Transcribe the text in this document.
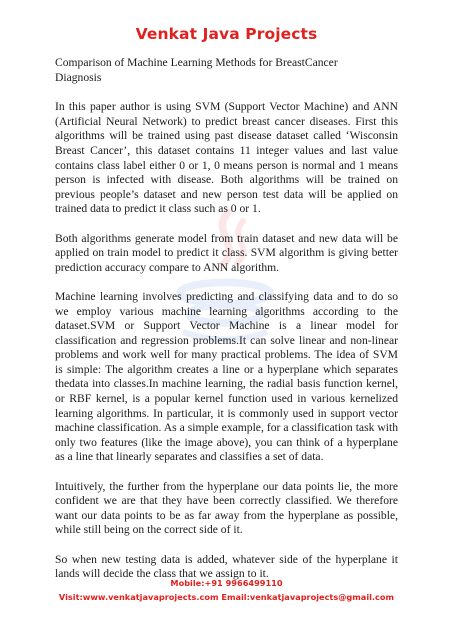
Venkat Java Projects
Comparison of Machine Learning Methods for BreastCancer Diagnosis

In this paper author is using SVM (Support Vector Machine) and ANN (Artificial Neural Network) to predict breast cancer diseases. First this algorithms will be trained using past disease dataset called ‘Wisconsin Breast Cancer’, this dataset contains 11 integer values and last value contains class label either 0 or 1, 0 means person is normal and 1 means person is infected with disease. Both algorithms will be trained on previous people’s dataset and new person test data will be applied on trained data to predict it class such as 0 or 1.

Both algorithms generate model from train dataset and new data will be applied on train model to predict it class. SVM algorithm is giving better prediction accuracy compare to ANN algorithm.

Machine learning involves predicting and classifying data and to do so we employ various machine learning algorithms according to the dataset.SVM or Support Vector Machine is a linear model for classification and regression problems.It can solve linear and non-linear problems and work well for many practical problems. The idea of SVM is simple: The algorithm creates a line or a hyperplane which separates thedata into classes.In machine learning, the radial basis function kernel, or RBF kernel, is a popular kernel function used in various kernelized learning algorithms. In particular, it is commonly used in support vector machine classification. As a simple example, for a classification task with only two features (like the image above), you can think of a hyperplane as a line that linearly separates and classifies a set of data.

Intuitively, the further from the hyperplane our data points lie, the more confident we are that they have been correctly classified. We therefore want our data points to be as far away from the hyperplane as possible, while still being on the correct side of it.

So when new testing data is added, whatever side of the hyperplane it lands will decide the class that we assign to it.

Mobile:+91 9966499110
Visit:www.venkatjavaprojects.com Email:venkatjavaprojects@gmail.com
